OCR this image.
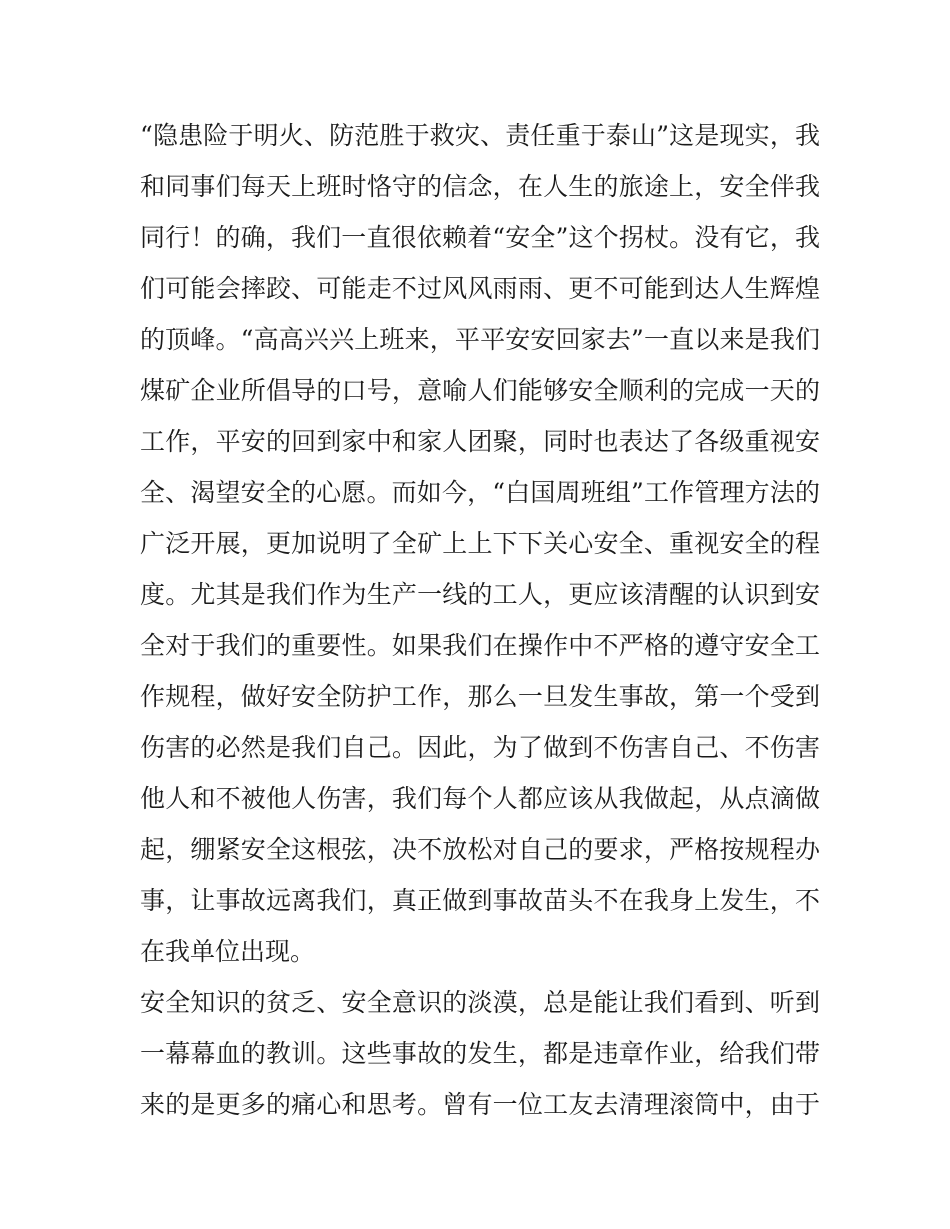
“隐患险于明火、防范胜于救灾、责任重于泰山”这是现实，我
和同事们每天上班时恪守的信念，在人生的旅途上，安全伴我
同行！的确，我们一直很依赖着“安全”这个拐杖。没有它，我
们可能会摔跤、可能走不过风风雨雨、更不可能到达人生辉煌
的顶峰。“高高兴兴上班来，平平安安回家去”一直以来是我们
煤矿企业所倡导的口号，意喻人们能够安全顺利的完成一天的
工作，平安的回到家中和家人团聚，同时也表达了各级重视安
全、渴望安全的心愿。而如今，“白国周班组”工作管理方法的
广泛开展，更加说明了全矿上上下下关心安全、重视安全的程
度。尤其是我们作为生产一线的工人，更应该清醒的认识到安
全对于我们的重要性。如果我们在操作中不严格的遵守安全工
作规程，做好安全防护工作，那么一旦发生事故，第一个受到
伤害的必然是我们自己。因此，为了做到不伤害自己、不伤害
他人和不被他人伤害，我们每个人都应该从我做起，从点滴做
起，绷紧安全这根弦，决不放松对自己的要求，严格按规程办
事，让事故远离我们，真正做到事故苗头不在我身上发生，不
在我单位出现。
安全知识的贫乏、安全意识的淡漠，总是能让我们看到、听到
一幕幕血的教训。这些事故的发生，都是违章作业，给我们带
来的是更多的痛心和思考。曾有一位工友去清理滚筒中，由于
